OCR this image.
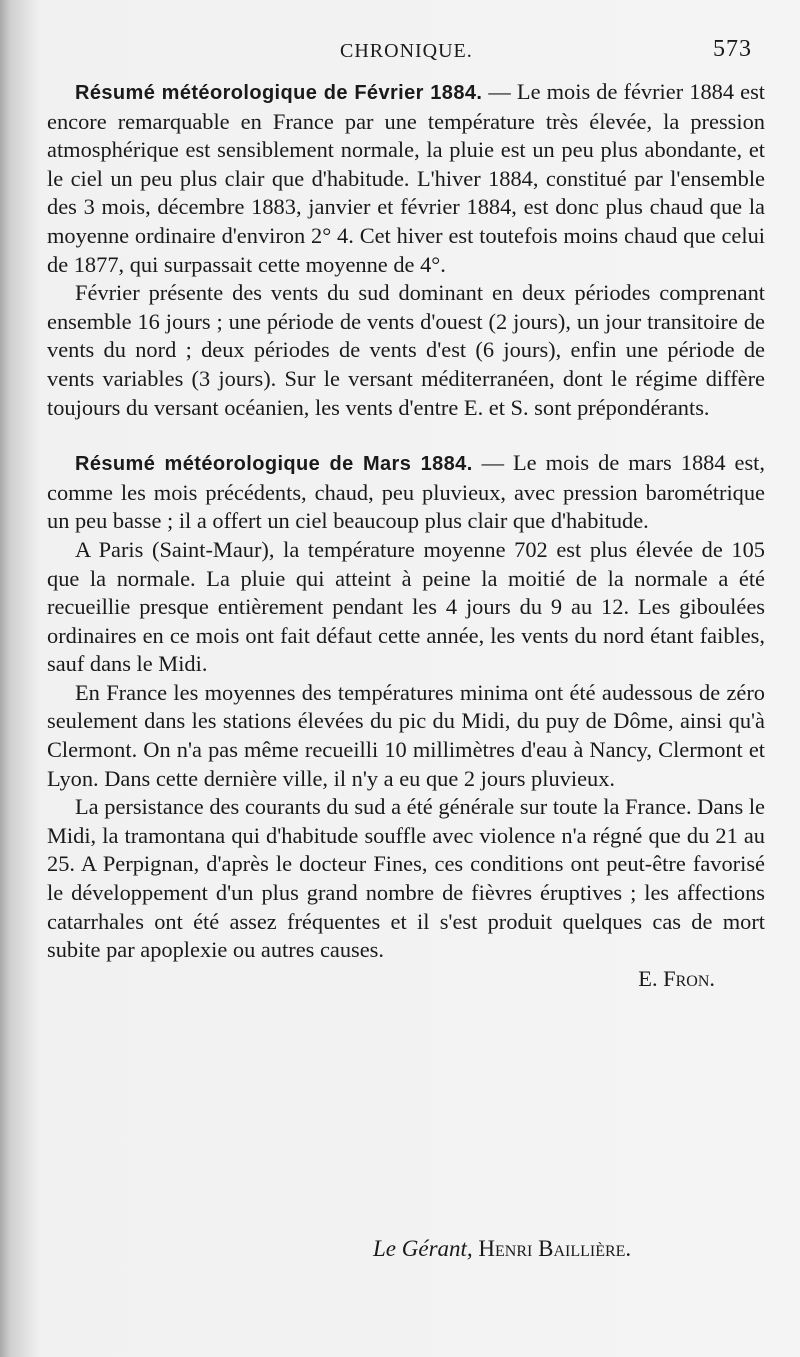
CHRONIQUE.	573

Résumé météorologique de Février 1884. — Le mois de février 1884 est encore remarquable en France par une température très élevée, la pression atmosphérique est sensiblement normale, la pluie est un peu plus abondante, et le ciel un peu plus clair que d'habitude. L'hiver 1884, constitué par l'ensemble des 3 mois, décembre 1883, janvier et février 1884, est donc plus chaud que la moyenne ordinaire d'environ 2° 4. Cet hiver est toutefois moins chaud que celui de 1877, qui surpassait cette moyenne de 4°.

Février présente des vents du sud dominant en deux périodes comprenant ensemble 16 jours ; une période de vents d'ouest (2 jours), un jour transitoire de vents du nord ; deux périodes de vents d'est (6 jours), enfin une période de vents variables (3 jours). Sur le versant méditerranéen, dont le régime diffère toujours du versant océanien, les vents d'entre E. et S. sont prépondérants.

Résumé météorologique de Mars 1884. — Le mois de mars 1884 est, comme les mois précédents, chaud, peu pluvieux, avec pression barométrique un peu basse ; il a offert un ciel beaucoup plus clair que d'habitude.

A Paris (Saint-Maur), la température moyenne 702 est plus élevée de 105 que la normale. La pluie qui atteint à peine la moitié de la normale a été recueillie presque entièrement pendant les 4 jours du 9 au 12. Les giboulées ordinaires en ce mois ont fait défaut cette année, les vents du nord étant faibles, sauf dans le Midi.

En France les moyennes des températures minima ont été audessous de zéro seulement dans les stations élevées du pic du Midi, du puy de Dôme, ainsi qu'à Clermont. On n'a pas même recueilli 10 millimètres d'eau à Nancy, Clermont et Lyon. Dans cette dernière ville, il n'y a eu que 2 jours pluvieux.

La persistance des courants du sud a été générale sur toute la France. Dans le Midi, la tramontana qui d'habitude souffle avec violence n'a régné que du 21 au 25. A Perpignan, d'après le docteur Fines, ces conditions ont peut-être favorisé le développement d'un plus grand nombre de fièvres éruptives ; les affections catarrhales ont été assez fréquentes et il s'est produit quelques cas de mort subite par apoplexie ou autres causes.

E. Fron.

Le Gérant, Henri Baillière.
